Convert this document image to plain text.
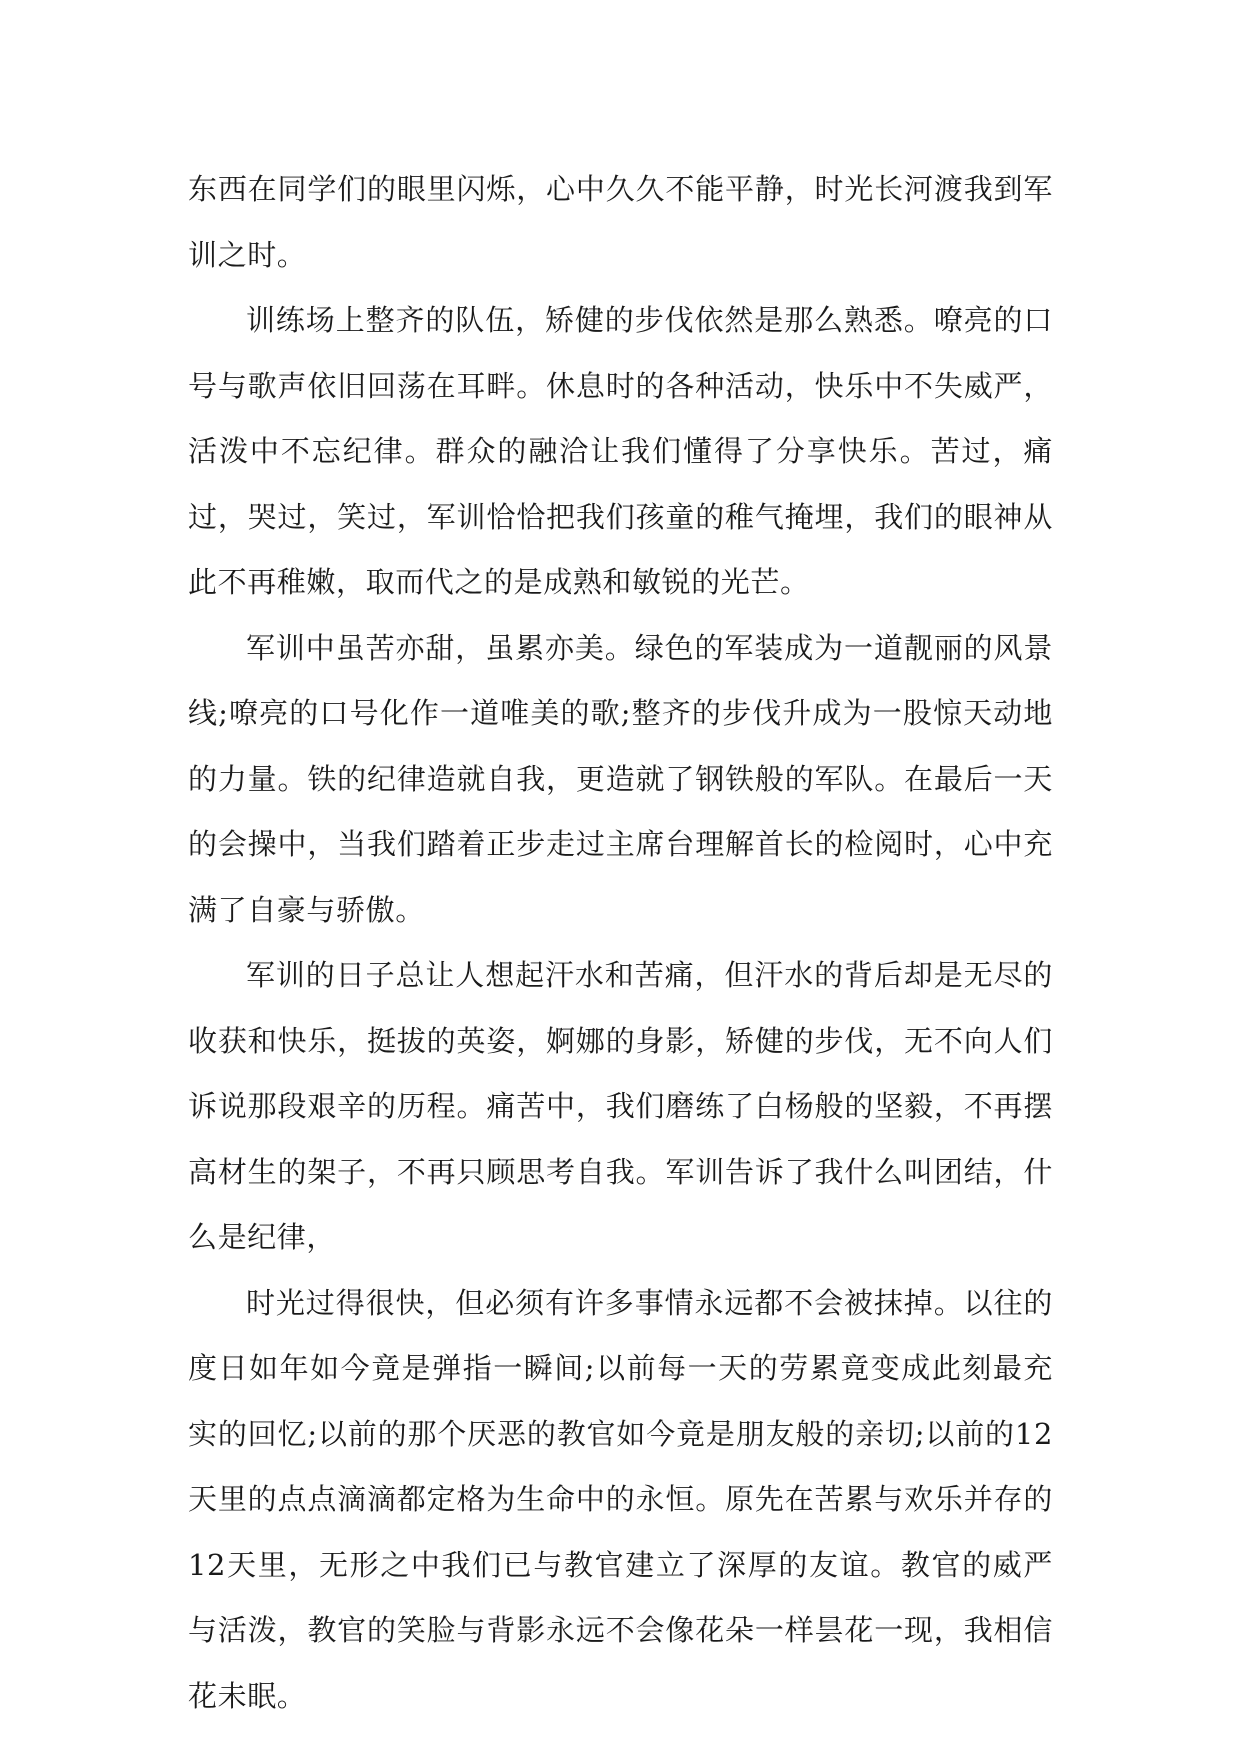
东西在同学们的眼里闪烁，心中久久不能平静，时光长河渡我到军训之时。

训练场上整齐的队伍，矫健的步伐依然是那么熟悉。嘹亮的口号与歌声依旧回荡在耳畔。休息时的各种活动，快乐中不失威严，活泼中不忘纪律。群众的融洽让我们懂得了分享快乐。苦过，痛过，哭过，笑过，军训恰恰把我们孩童的稚气掩埋，我们的眼神从此不再稚嫩，取而代之的是成熟和敏锐的光芒。

军训中虽苦亦甜，虽累亦美。绿色的军装成为一道靓丽的风景线;嘹亮的口号化作一道唯美的歌;整齐的步伐升成为一股惊天动地的力量。铁的纪律造就自我，更造就了钢铁般的军队。在最后一天的会操中，当我们踏着正步走过主席台理解首长的检阅时，心中充满了自豪与骄傲。

军训的日子总让人想起汗水和苦痛，但汗水的背后却是无尽的收获和快乐，挺拔的英姿，婀娜的身影，矫健的步伐，无不向人们诉说那段艰辛的历程。痛苦中，我们磨练了白杨般的坚毅，不再摆高材生的架子，不再只顾思考自我。军训告诉了我什么叫团结，什么是纪律，

时光过得很快，但必须有许多事情永远都不会被抹掉。以往的度日如年如今竟是弹指一瞬间;以前每一天的劳累竟变成此刻最充实的回忆;以前的那个厌恶的教官如今竟是朋友般的亲切;以前的12天里的点点滴滴都定格为生命中的永恒。原先在苦累与欢乐并存的12天里，无形之中我们已与教官建立了深厚的友谊。教官的威严与活泼，教官的笑脸与背影永远不会像花朵一样昙花一现，我相信花未眠。
